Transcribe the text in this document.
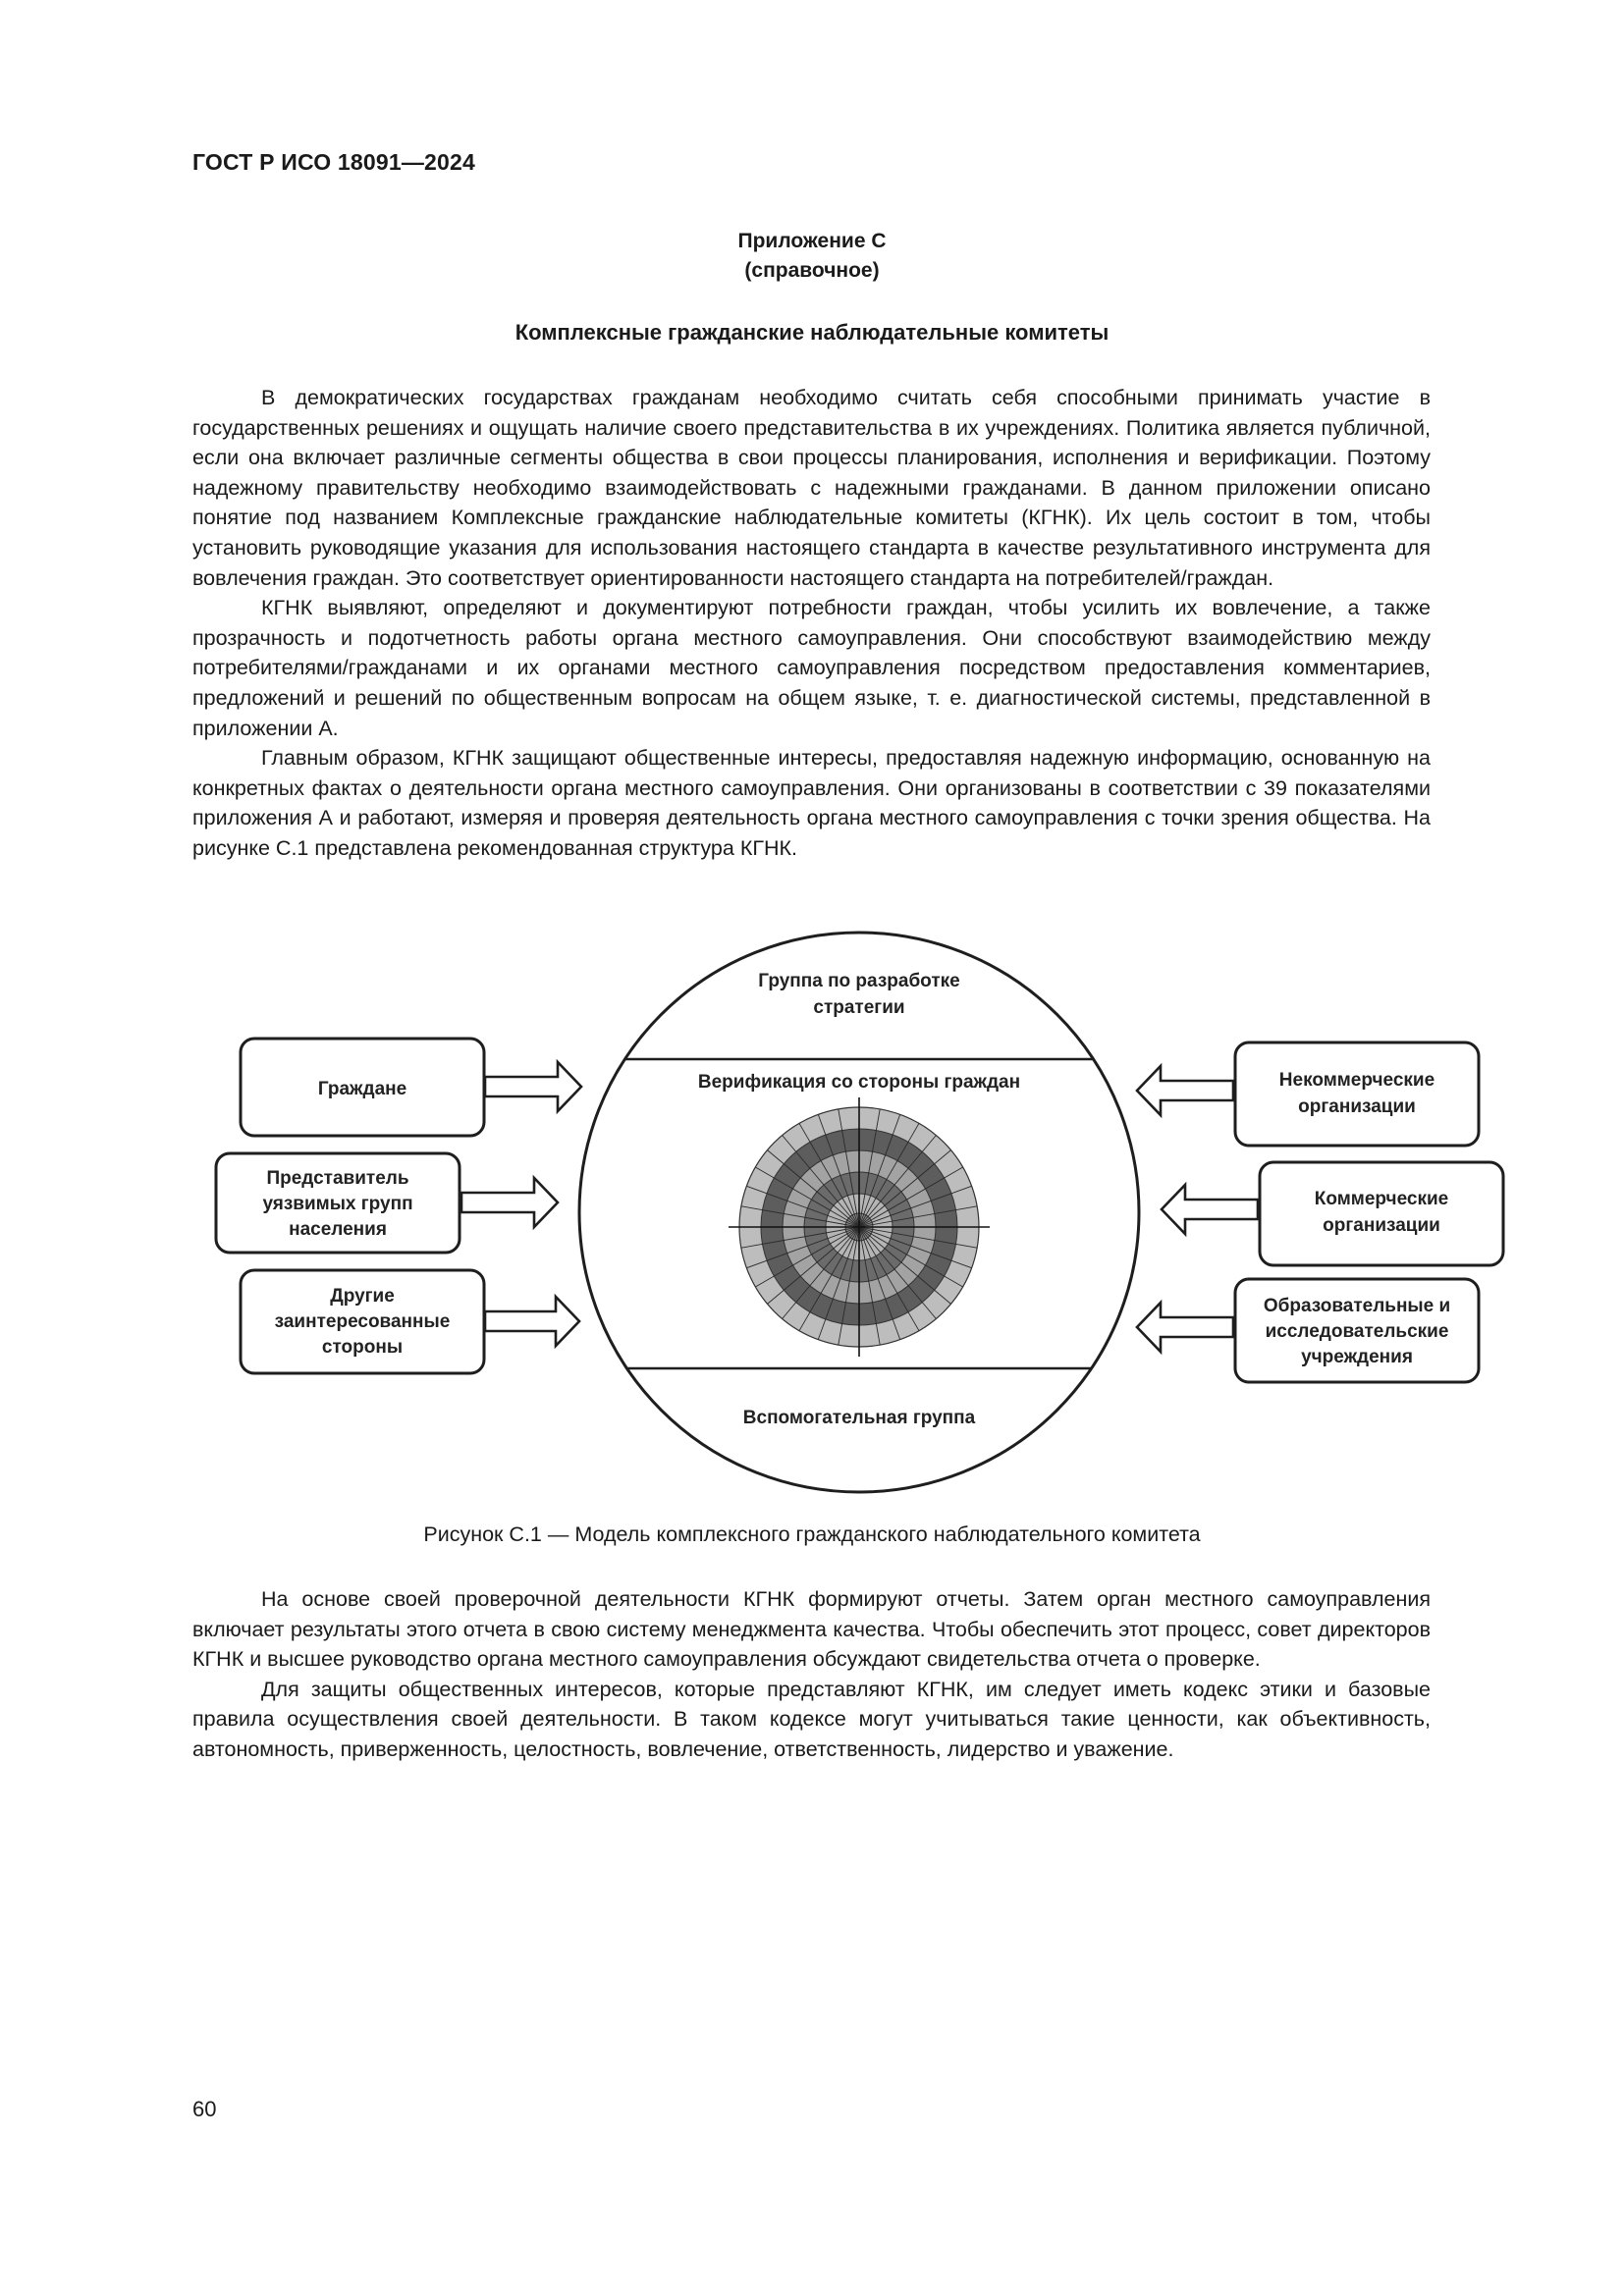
ГОСТ Р ИСО 18091—2024
Приложение С
(справочное)
Комплексные гражданские наблюдательные комитеты

В демократических государствах гражданам необходимо считать себя способными принимать участие в государственных решениях и ощущать наличие своего представительства в их учреждениях. Политика является публичной, если она включает различные сегменты общества в свои процессы планирования, исполнения и верификации. Поэтому надежному правительству необходимо взаимодействовать с надежными гражданами. В данном приложении описано понятие под названием Комплексные гражданские наблюдательные комитеты (КГНК). Их цель состоит в том, чтобы установить руководящие указания для использования настоящего стандарта в качестве результативного инструмента для вовлечения граждан. Это соответствует ориентированности настоящего стандарта на потребителей/граждан.

КГНК выявляют, определяют и документируют потребности граждан, чтобы усилить их вовлечение, а также прозрачность и подотчетность работы органа местного самоуправления. Они способствуют взаимодействию между потребителями/гражданами и их органами местного самоуправления посредством предоставления комментариев, предложений и решений по общественным вопросам на общем языке, т. е. диагностической системы, представленной в приложении А.

Главным образом, КГНК защищают общественные интересы, предоставляя надежную информацию, основанную на конкретных фактах о деятельности органа местного самоуправления. Они организованы в соответствии с 39 показателями приложения А и работают, измеряя и проверяя деятельность органа местного самоуправления с точки зрения общества. На рисунке С.1 представлена рекомендованная структура КГНК.

Группа по разработке
стратегии
Верификация со стороны граждан
Вспомогательная группа
Граждане
Представитель
уязвимых групп
населения
Другие
заинтересованные
стороны
Некоммерческие
организации
Коммерческие
организации
Образовательные и
исследовательские
учреждения
Рисунок С.1 — Модель комплексного гражданского наблюдательного комитета

На основе своей проверочной деятельности КГНК формируют отчеты. Затем орган местного самоуправления включает результаты этого отчета в свою систему менеджмента качества. Чтобы обеспечить этот процесс, совет директоров КГНК и высшее руководство органа местного самоуправления обсуждают свидетельства отчета о проверке.

Для защиты общественных интересов, которые представляют КГНК, им следует иметь кодекс этики и базовые правила осуществления своей деятельности. В таком кодексе могут учитываться такие ценности, как объективность, автономность, приверженность, целостность, вовлечение, ответственность, лидерство и уважение.

60
